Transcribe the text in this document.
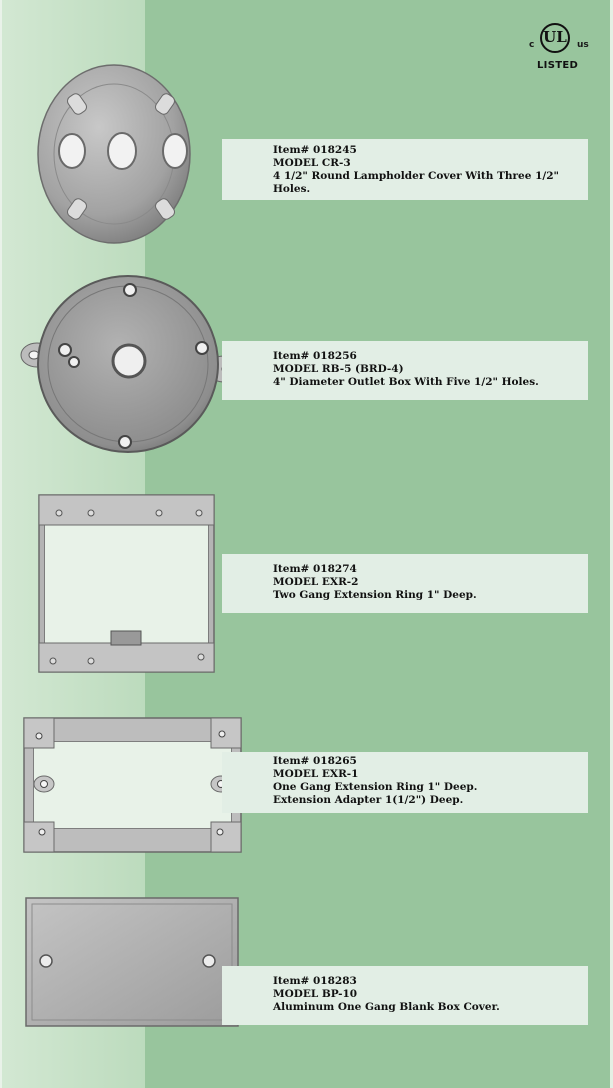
c UL	us
LISTED
Item# 018245
MODEL CR-3
4 1/2" Round Lampholder Cover With Three 1/2"
Holes.
Item# 018256
MODEL RB-5 (BRD-4)
4" Diameter Outlet Box With Five 1/2" Holes.
Item# 018274
MODEL EXR-2
Two Gang Extension Ring 1" Deep.
Item# 018265
MODEL EXR-1
One Gang Extension Ring 1" Deep.
Extension Adapter 1(1/2") Deep.
Item# 018283
MODEL BP-10
Aluminum One Gang Blank Box Cover.
